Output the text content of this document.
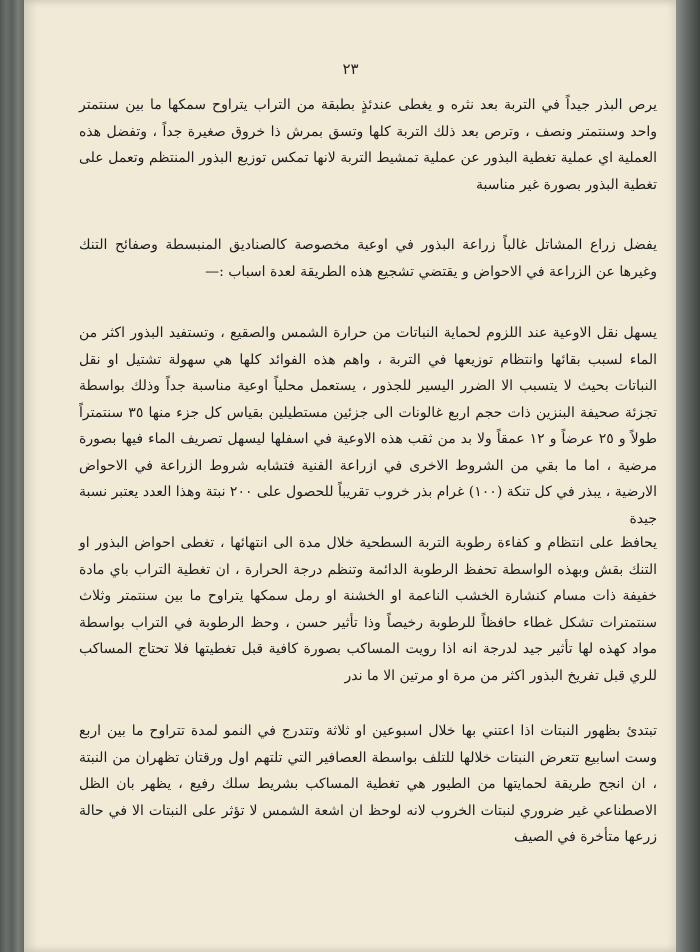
٢٣

يرص البذر جيداً في التربة بعد نثره و يغطى عندئذٍ بطبقة من التراب يتراوح سمكها ما بين سنتمتر واحد وسنتمتر ونصف ، وترص بعد ذلك التربة كلها وتسق بمرش ذا خروق صغيرة جداً ، وتفضل هذه العملية اي عملية تغطية البذور عن عملية تمشيط التربة لانها تمكس توزيع البذور المنتظم وتعمل على تغطية البذور بصورة غير مناسبة

يفضل زراع المشاتل غالباً زراعة البذور في اوعية مخصوصة كالصناديق المنبسطة وصفائح التنك وغيرها عن الزراعة في الاحواض و يقتضي تشجيع هذه الطريقة لعدة اسباب :—

يسهل نقل الاوعية عند اللزوم لحماية النباتات من حرارة الشمس والصقيع ، وتستفيد البذور اكثر من الماء لسبب بقائها وانتظام توزيعها في التربة ، واهم هذه الفوائد كلها هي سهولة تشتيل او نقل النباتات بحيث لا يتسبب الا الضرر اليسير للجذور ، يستعمل محلياً اوعية مناسبة جداً وذلك بواسطة تجزئة صحيفة البنزين ذات حجم اربع غالونات الى جزئين مستطيلين بقياس كل جزء منها ٣٥ سنتمتراً طولاً و ٢٥ عرضاً و ١٢ عمقاً ولا بد من ثقب هذه الاوعية في اسفلها ليسهل تصريف الماء فيها بصورة مرضية ، اما ما بقي من الشروط الاخرى في ازراعة الفنية فتشابه شروط الزراعة في الاحواض الارضية ، يبذر في كل تنكة (١٠٠) غرام بذر خروب تقريباً للحصول على ٢٠٠ نبتة وهذا العدد يعتبر نسبة جيدة

يحافظ على انتظام و كفاءة رطوبة التربة السطحية خلال مدة الى انتهائها ، تغطى احواض البذور او التنك بقش وبهذه الواسطة تحفظ الرطوبة الدائمة وتنظم درجة الحرارة ، ان تغطية التراب باي مادة خفيفة ذات مسام كنشارة الخشب الناعمة او الخشنة او رمل سمكها يتراوح ما بين سنتمتر وثلاث سنتمترات تشكل غطاء حافظاً للرطوبة رخيصاً وذا تأثير حسن ، وحظ الرطوبة في التراب بواسطة مواد كهذه لها تأثير جيد لدرجة انه اذا رويت المساكب بصورة كافية قبل تغطيتها فلا تحتاج المساكب للري قبل تفريخ البذور اكثر من مرة او مرتين الا ما ندر

تبتدئ بظهور النبتات اذا اعتني بها خلال اسبوعين او ثلاثة وتتدرج في النمو لمدة تتراوح ما بين اربع وست اسابيع تتعرض النبتات خلالها للتلف بواسطة العصافير التي تلتهم اول ورقتان تظهران من النبتة ، ان انجح طريقة لحمايتها من الطيور هي تغطية المساكب بشريط سلك رفيع ، يظهر بان الظل الاصطناعي غير ضروري لنبتات الخروب لانه لوحظ ان اشعة الشمس لا تؤثر على النبتات الا في حالة زرعها متأخرة في الصيف
